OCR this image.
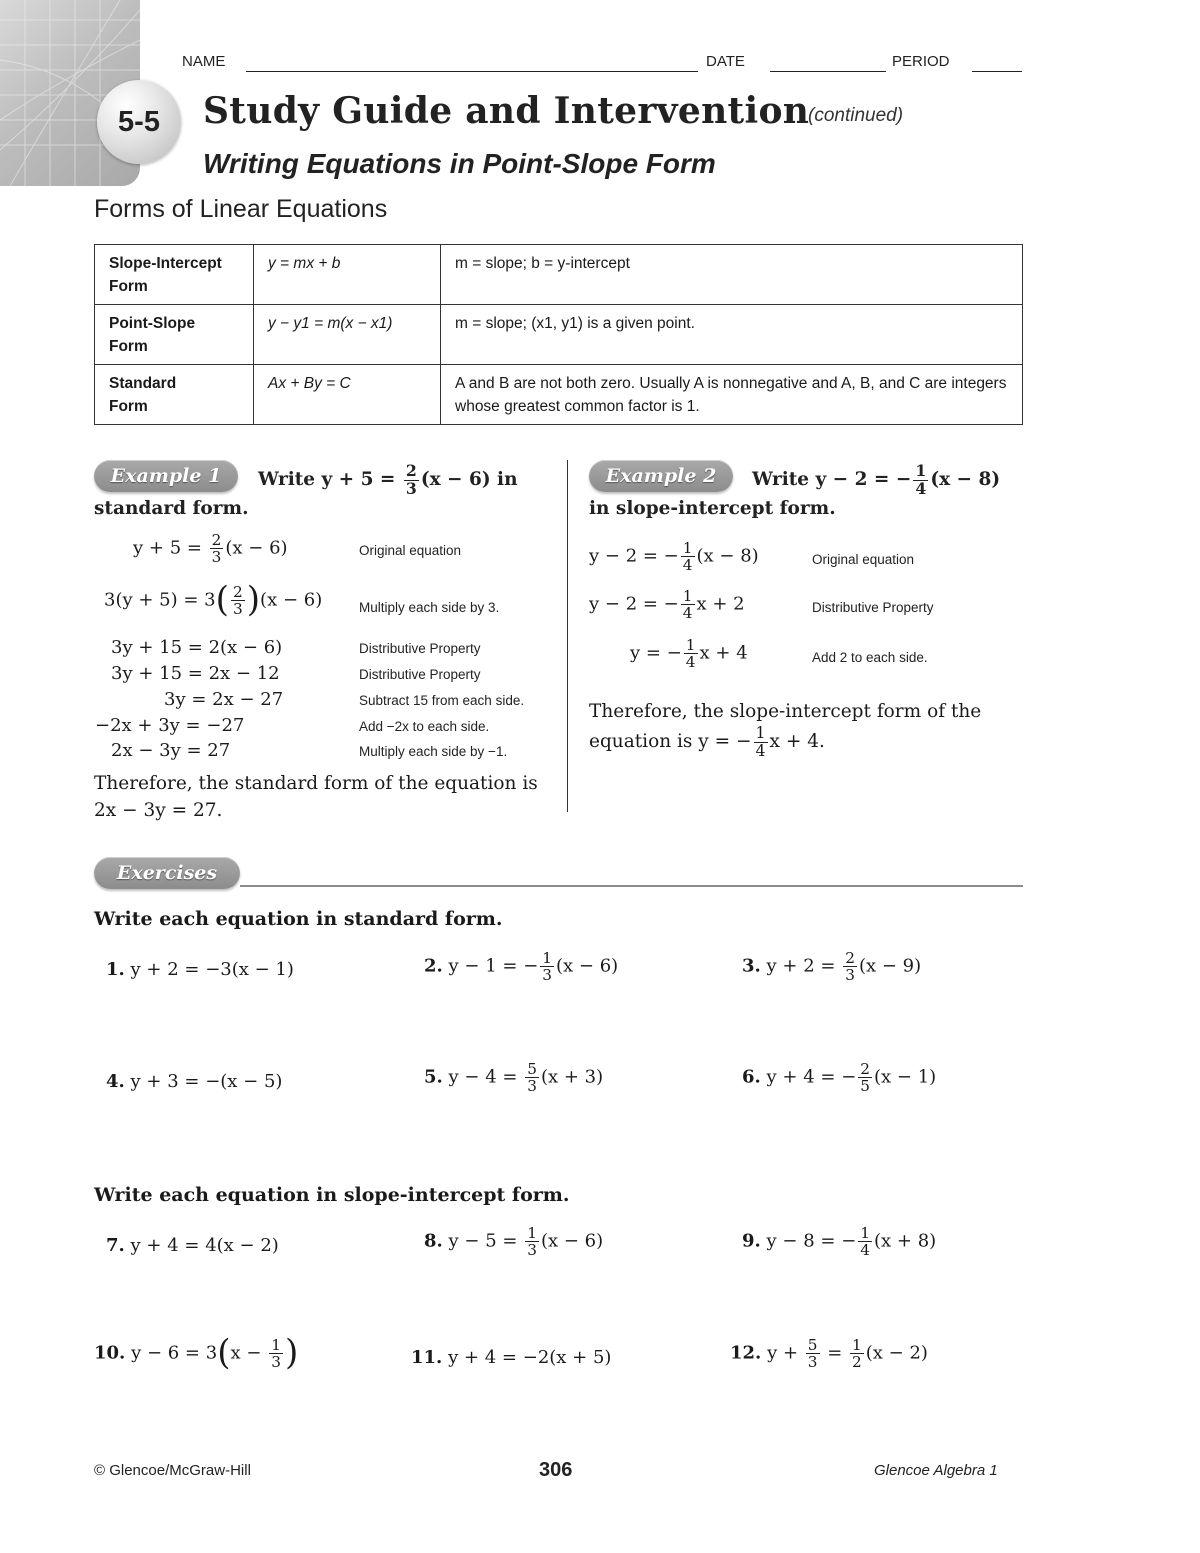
5-5
NAME	DATE	PERIOD
Study Guide and Intervention
(continued)
Writing Equations in Point-Slope Form
Forms of Linear Equations
Slope-Intercept
Form	y = mx + b	m = slope; b = y-intercept
Point-Slope
Form	y − y1 = m(x − x1)	m = slope; (x1, y1) is a given point.
Standard
Form	Ax + By = C	A and B are not both zero. Usually A is nonnegative and A, B, and C are integers whose greatest common factor is 1.
Example 1	Write $y + 5 = \frac{2}{3} (x - 6)$ in
standard form.
$y + 5 = \frac{2}{3} (x - 6)$	Original equation
$3(y + 5) = 3( \frac{2}{3} )(x - 6)$	Multiply each side by 3.
3y + 15 = 2(x − 6)	Distributive Property
3y + 15 = 2x − 12	Distributive Property
3y = 2x − 27	Subtract 15 from each side.
−2x + 3y = −27	Add −2x to each side.
2x − 3y = 27	Multiply each side by −1.
Therefore, the standard form of the equation is 2x − 3y = 27.
Example 2	Write y − 2 = − $\frac{1}{4} (x - 8)$
in slope-intercept form.
y − 2 = − $\frac{1}{4} (x - 8)$	Original equation
y − 2 = − $\frac{1}{4}$ x + 2	Distributive Property
y = − $\frac{1}{4}$ x + 4	Add 2 to each side.
Therefore, the slope-intercept form of the equation is y = − $\frac{1}{4}$ x + 4.
Exercises
Write each equation in standard form.
1. y + 2 = −3(x − 1)	2. y − 1 = − $\frac{1}{3} (x - 6)$	3. $y + 2 = \frac{2}{3} (x - 9)$
4. y + 3 = −(x − 5)	5. $y - 4 = \frac{5}{3} (x + 3)$	6. y + 4 = − $\frac{2}{5} (x - 1)$
Write each equation in slope-intercept form.
7. y + 4 = 4(x − 2)	8. $y - 5 = \frac{1}{3} (x - 6)$	9. y − 8 = − $\frac{1}{4} (x + 8)$
10. $y - 6 = 3(x - \frac{1}{3}$ )	11. y + 4 = −2(x + 5)	12. $y + \frac{5}{3} = \frac{1}{2} (x - 2)$
© Glencoe/McGraw-Hill	306	Glencoe Algebra 1
